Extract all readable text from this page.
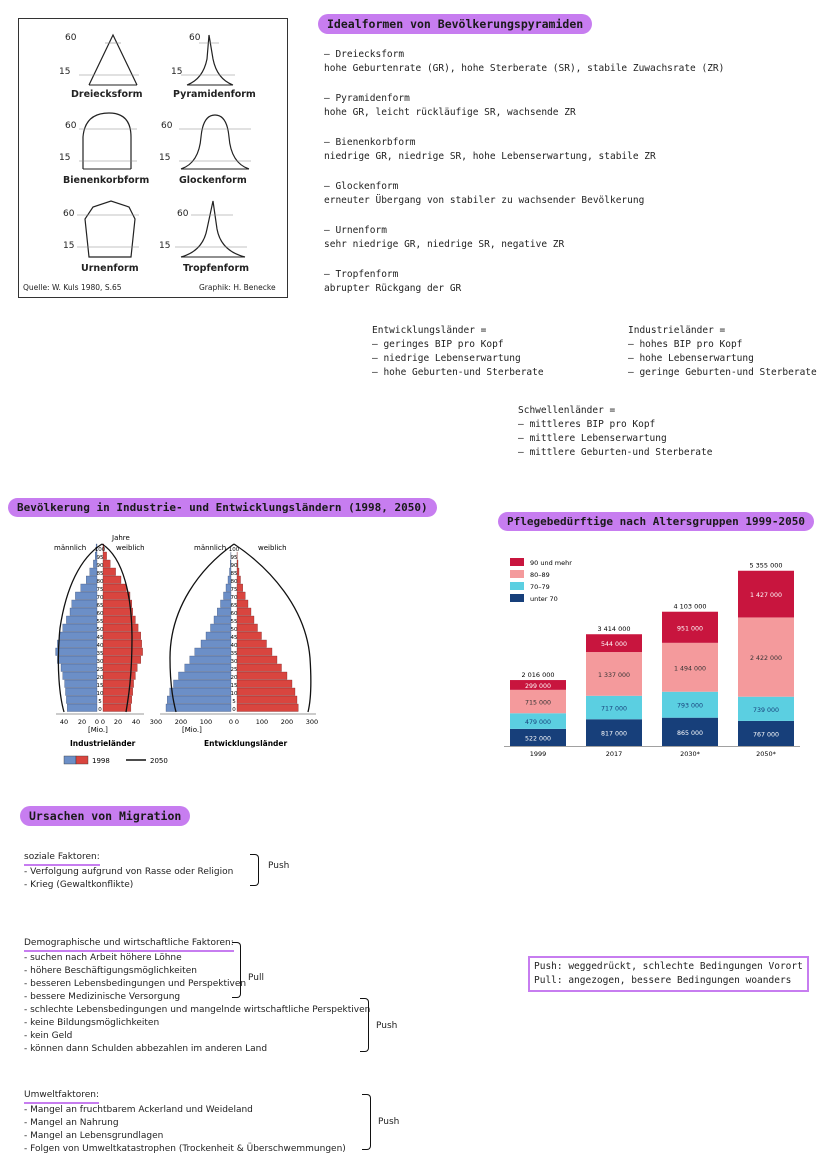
60
15
60
15
60
15
60
15
60
15
60
15
Dreiecksform	Pyramidenform
Bienenkorbform	Glockenform
Urnenform	Tropfenform
Quelle: W. Kuls 1980, S.65	Graphik: H. Benecke
Idealformen von Bevölkerungspyramiden
— Dreiecksform
hohe Geburtenrate (GR), hohe Sterberate (SR), stabile Zuwachsrate (ZR)
— Pyramidenform
hohe GR, leicht rückläufige SR, wachsende ZR
— Bienenkorbform
niedrige GR, niedrige SR, hohe Lebenserwartung, stabile ZR
— Glockenform
erneuter Übergang von stabiler zu wachsender Bevölkerung
— Urnenform
sehr niedrige GR, niedrige SR, negative ZR
— Tropfenform
abrupter Rückgang der GR
Entwicklungsländer =
— geringes BIP pro Kopf
— niedrige Lebenserwartung
— hohe Geburten-und Sterberate
Industrieländer =
— hohes BIP pro Kopf
— hohe Lebenserwartung
— geringe Geburten-und Sterberate
Schwellenländer =
— mittleres BIP pro Kopf
— mittlere Lebenserwartung
— mittlere Geburten-und Sterberate
Bevölkerung in Industrie- und Entwicklungsländern (1998, 2050)
Jahre
männlich	weiblich	männlich	weiblich
0	0
5	5
10	10
15	15
20	20
25	25
30	30
35	35
40	40
45	45
50	50
55	55
60	60
65	65
70	70
75	75
80	80
85	85
90	90
95	95
100	100
40 20 0 0 20 40 300 200 100	0 0	100 200 300
[Mio.]
Industrieländer
[Mio.]
Entwicklungsländer
1998	2050
Pflegebedürftige nach Altersgruppen 1999-2050
90 und mehr
80–89
70–79
unter 70
522 000
479 000
715 000
299 000
2 016 000
1999
817 000
717 000
1 337 000
544 000
3 414 000
2017
865 000
793 000
1 494 000
951 000
4 103 000
2030*
767 000
739 000
2 422 000
1 427 000
5 355 000
2050*
Ursachen von Migration
soziale Faktoren:
- Verfolgung aufgrund von Rasse oder Religion
- Krieg (Gewaltkonflikte)
Push
Demographische und wirtschaftliche Faktoren:
- suchen nach Arbeit höhere Löhne
- höhere Beschäftigungsmöglichkeiten
- besseren Lebensbedingungen und Perspektiven
- bessere Medizinische Versorgung
- schlechte Lebensbedingungen und mangelnde wirtschaftliche Perspektiven
- keine Bildungsmöglichkeiten
- kein Geld
- können dann Schulden abbezahlen im anderen Land
Pull
Push
Umweltfaktoren:
- Mangel an fruchtbarem Ackerland und Weideland
- Mangel an Nahrung
- Mangel an Lebensgrundlagen
- Folgen von Umweltkatastrophen (Trockenheit & Überschwemmungen)
Push
Push: weggedrückt, schlechte Bedingungen Vorort
Pull: angezogen, bessere Bedingungen woanders
